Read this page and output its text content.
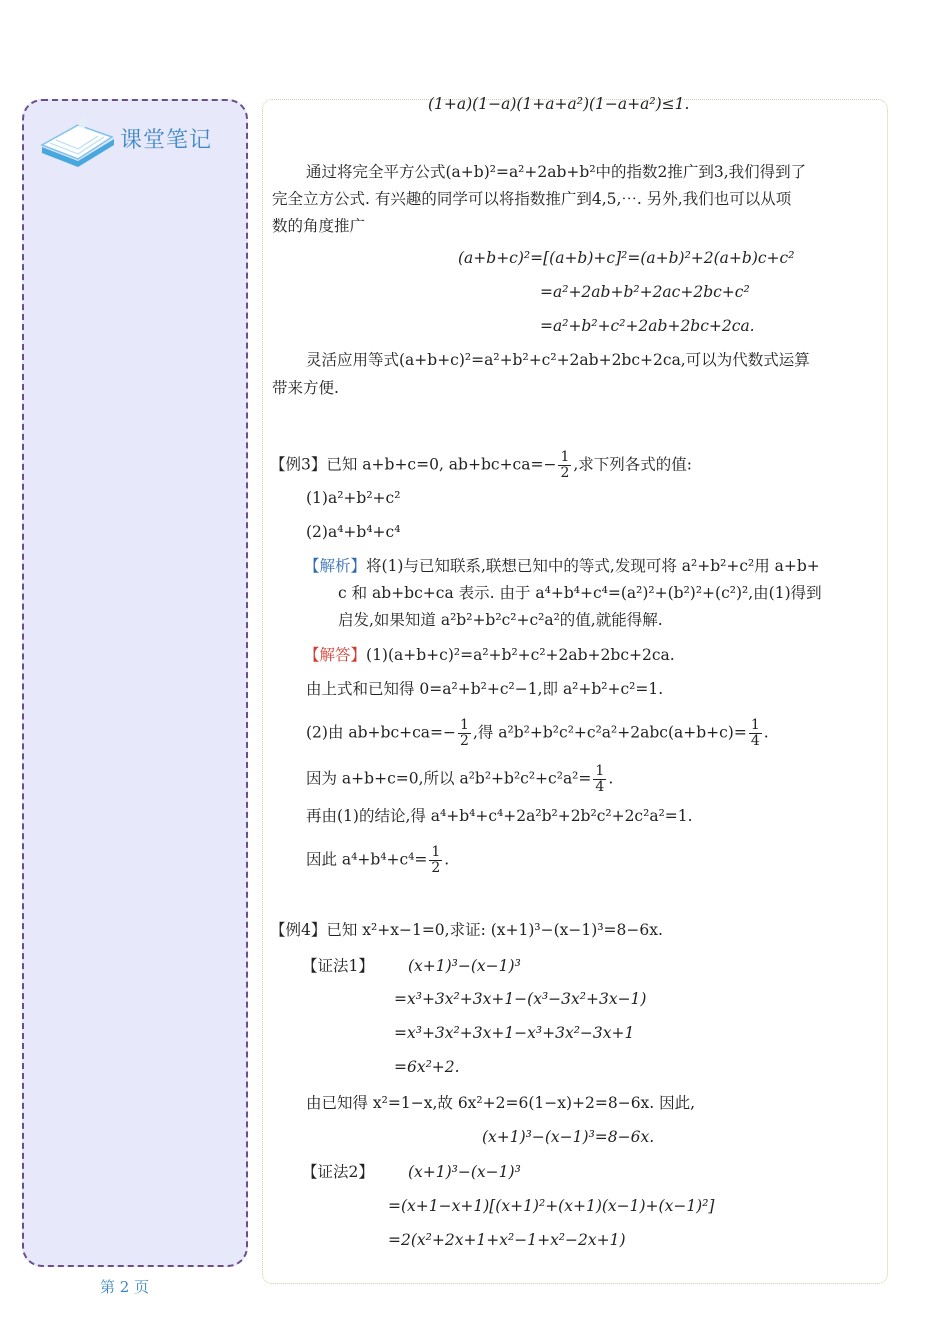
课堂笔记
第 2 页
(1+a)(1−a)(1+a+a²)(1−a+a²)≤1.
通过将完全平方公式(a+b)²=a²+2ab+b²中的指数2推广到3,我们得到了
完全立方公式. 有兴趣的同学可以将指数推广到4,5,⋯. 另外,我们也可以从项
数的角度推广
(a+b+c)²=[(a+b)+c]²=(a+b)²+2(a+b)c+c²
=a²+2ab+b²+2ac+2bc+c²
=a²+b²+c²+2ab+2bc+2ca.
灵活应用等式(a+b+c)²=a²+b²+c²+2ab+2bc+2ca,可以为代数式运算
带来方便.
【例3】已知 a+b+c=0, $ab+bc+ca=- \frac{1}{2}$ ,求下列各式的值:
(1)a²+b²+c²
(2)a⁴+b⁴+c⁴
【解析】将(1)与已知联系,联想已知中的等式,发现可将 a²+b²+c²用 a+b+
c 和 ab+bc+ca 表示. 由于 a⁴+b⁴+c⁴=(a²)²+(b²)²+(c²)²,由(1)得到
启发,如果知道 a²b²+b²c²+c²a²的值,就能得解.
【解答】(1)(a+b+c)²=a²+b²+c²+2ab+2bc+2ca.
由上式和已知得 0=a²+b²+c²−1,即 a²+b²+c²=1.
(2)由 $ab+bc+ca=- \frac{1}{2}$ ,得 $a^2b^2+b^2c^2+c^2a^2+2abc(a+b+c)= \frac{1}{4}$ .
因为 a+b+c=0,所以 $a^2b^2+b^2c^2+c^2a^2= \frac{1}{4}$ .
再由(1)的结论,得 a⁴+b⁴+c⁴+2a²b²+2b²c²+2c²a²=1.
因此 $a^4+b^4+c^4= \frac{1}{2}$ .
【例4】已知 x²+x−1=0,求证: (x+1)³−(x−1)³=8−6x.
【证法1】 (x+1)³−(x−1)³
=x³+3x²+3x+1−(x³−3x²+3x−1)
=x³+3x²+3x+1−x³+3x²−3x+1
=6x²+2.
由已知得 x²=1−x,故 6x²+2=6(1−x)+2=8−6x. 因此,
(x+1)³−(x−1)³=8−6x.
【证法2】 (x+1)³−(x−1)³
=(x+1−x+1)[(x+1)²+(x+1)(x−1)+(x−1)²]
=2(x²+2x+1+x²−1+x²−2x+1)
